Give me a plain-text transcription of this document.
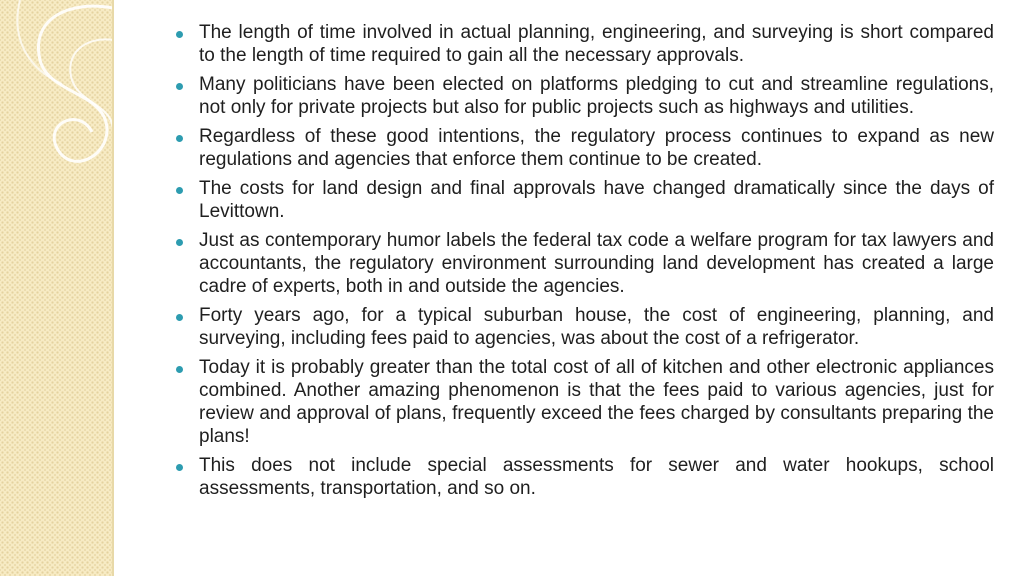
The length of time involved in actual planning, engineering, and surveying is short compared to the length of time required to gain all the necessary approvals.
Many politicians have been elected on platforms pledging to cut and streamline regulations, not only for private projects but also for public projects such as highways and utilities.
Regardless of these good intentions, the regulatory process continues to expand as new regulations and agencies that enforce them continue to be created.
The costs for land design and final approvals have changed dramatically since the days of Levittown.
Just as contemporary humor labels the federal tax code a welfare program for tax lawyers and accountants, the regulatory environment surrounding land development has created a large cadre of experts, both in and outside the agencies.
Forty years ago, for a typical suburban house, the cost of engineering, planning, and surveying, including fees paid to agencies, was about the cost of a refrigerator.
Today it is probably greater than the total cost of all of kitchen and other electronic appliances combined. Another amazing phenomenon is that the fees paid to various agencies, just for review and approval of plans, frequently exceed the fees charged by consultants preparing the plans!
This does not include special assessments for sewer and water hookups, school assessments, transportation, and so on.
